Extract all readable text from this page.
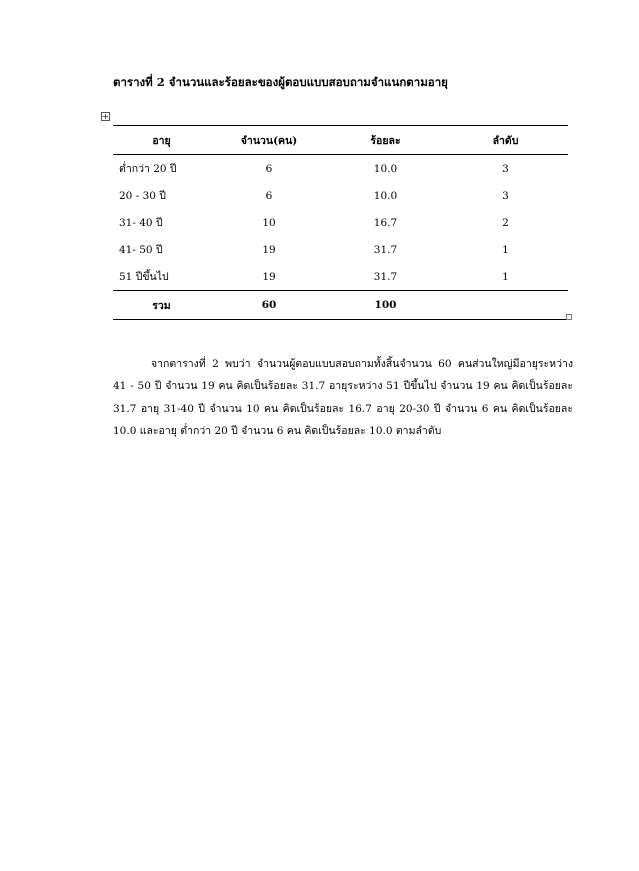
ตารางที่ 2 จำนวนและร้อยละของผู้ตอบแบบสอบถามจำแนกตามอายุ
อายุ	จำนวน(คน)	ร้อยละ	ลำดับ
ต่ำกว่า 20 ปี	6	10.0	3
20 - 30 ปี	6	10.0	3
31- 40 ปี	10	16.7	2
41- 50 ปี	19	31.7	1
51 ปีขึ้นไป	19	31.7	1
รวม	60	100	

จากตารางที่ 2 พบว่า จำนวนผู้ตอบแบบสอบถามทั้งสิ้นจำนวน 60 คนส่วนใหญ่มีอายุระหว่าง 41 - 50 ปี จำนวน 19 คน คิดเป็นร้อยละ 31.7 อายุระหว่าง 51 ปีขึ้นไป จำนวน 19 คน คิดเป็นร้อยละ 31.7 อายุ 31-40 ปี จำนวน 10 คน คิดเป็นร้อยละ 16.7 อายุ 20-30 ปี จำนวน 6 คน คิดเป็นร้อยละ 10.0 และอายุ ต่ำกว่า 20 ปี จำนวน 6 คน คิดเป็นร้อยละ 10.0 ตามลำดับ
